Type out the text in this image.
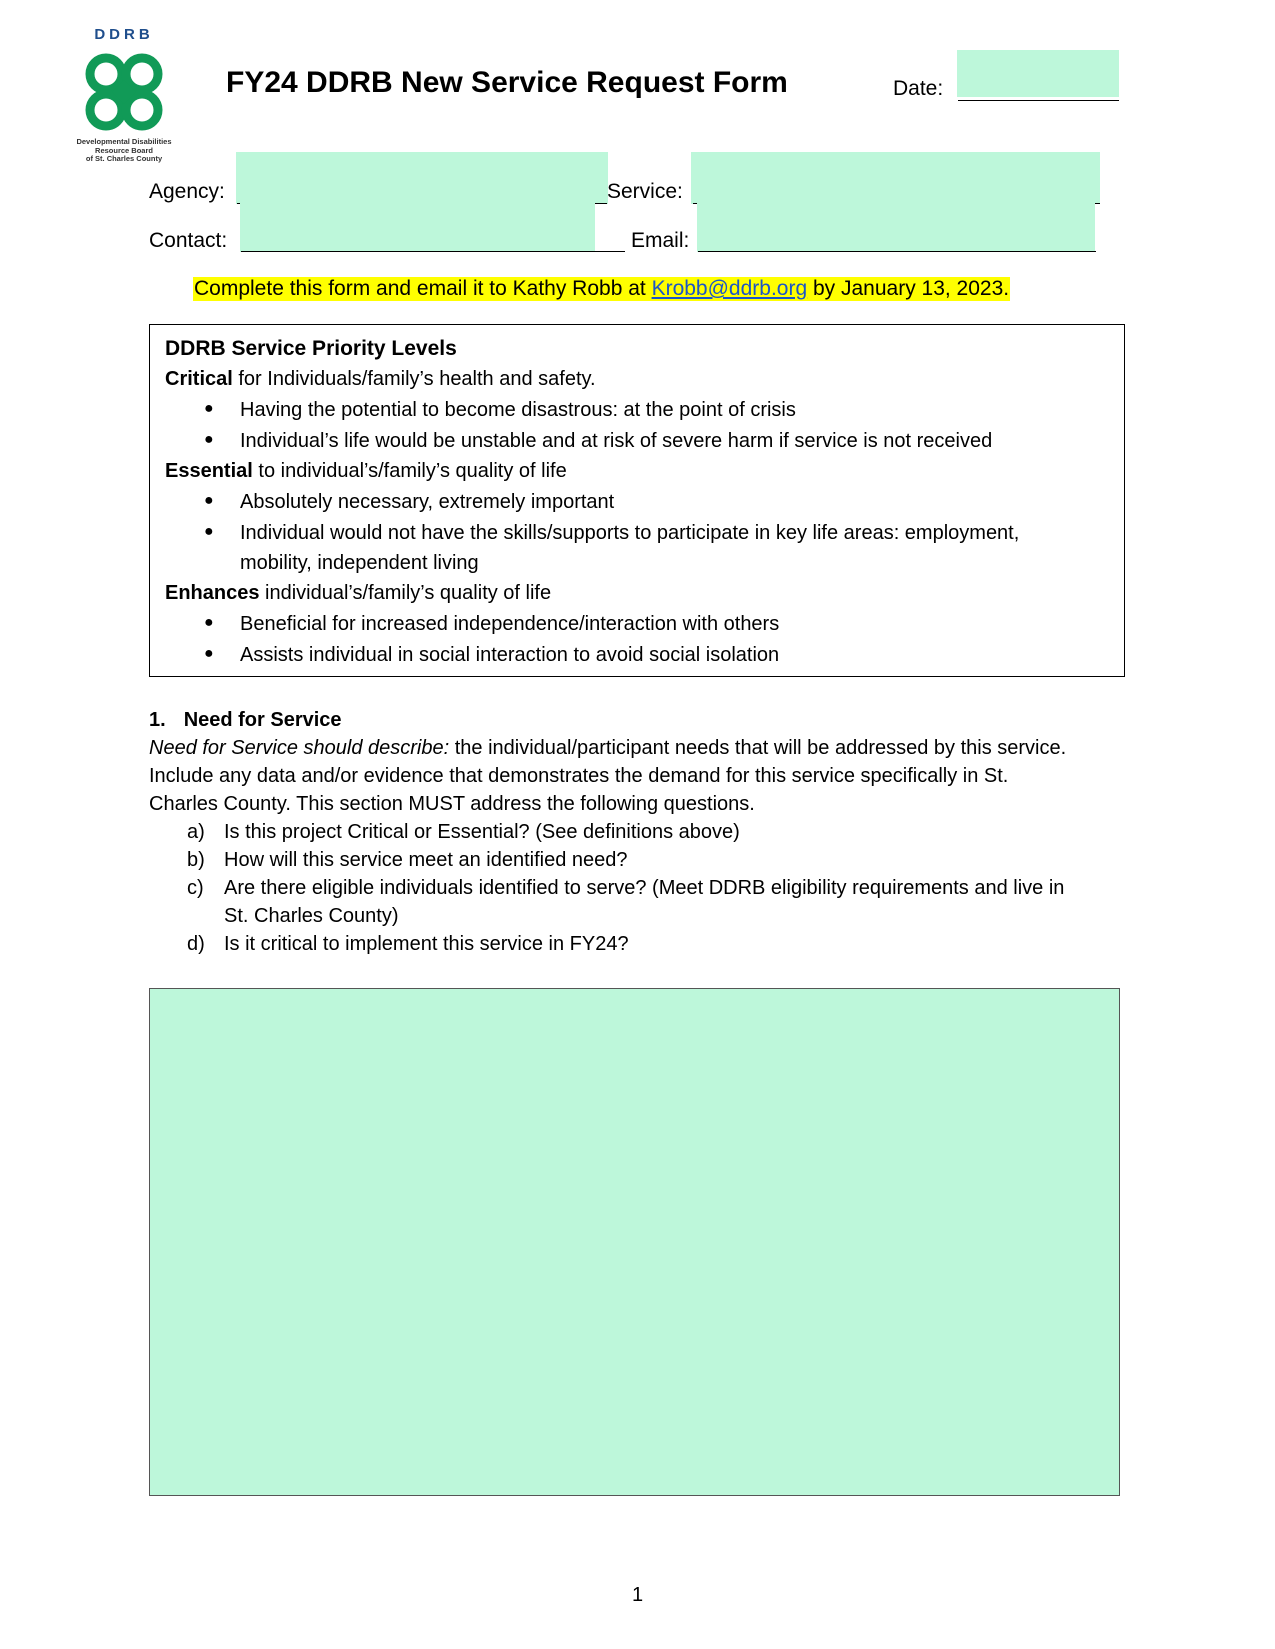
DDRB
Developmental Disabilities
Resource Board
of St. Charles County
FY24 DDRB New Service Request Form	Date:
Agency:	Service:
Contact:	Email:
Complete this form and email it to Kathy Robb at Krobb@ddrb.org by January 13, 2023.
DDRB Service Priority Levels
Critical for Individuals/family’s health and safety.
● Having the potential to become disastrous: at the point of crisis
● Individual’s life would be unstable and at risk of severe harm if service is not received
Essential to individual’s/family’s quality of life
● Absolutely necessary, extremely important
● Individual would not have the skills/supports to participate in key life areas: employment,
mobility, independent living
Enhances individual’s/family’s quality of life
● Beneficial for increased independence/interaction with others
● Assists individual in social interaction to avoid social isolation
1. Need for Service
Need for Service should describe: the individual/participant needs that will be addressed by this service.
Include any data and/or evidence that demonstrates the demand for this service specifically in St.
Charles County. This section MUST address the following questions.
a) Is this project Critical or Essential? (See definitions above)
b) How will this service meet an identified need?
c) Are there eligible individuals identified to serve? (Meet DDRB eligibility requirements and live in
St. Charles County)
d) Is it critical to implement this service in FY24?
1
